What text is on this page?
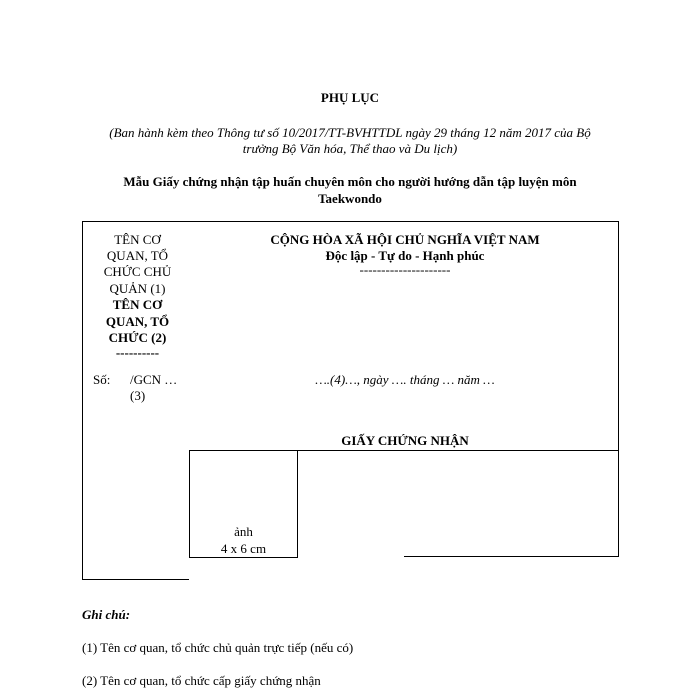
PHỤ LỤC
(Ban hành kèm theo Thông tư số 10/2017/TT-BVHTTDL ngày 29 tháng 12 năm 2017 của Bộ
trưởng Bộ Văn hóa, Thể thao và Du lịch)
Mẫu Giấy chứng nhận tập huấn chuyên môn cho người hướng dẫn tập luyện môn
Taekwondo
ảnh
4 x 6 cm
TÊN CƠ
QUAN, TỔ
CHỨC CHỦ
QUẢN (1)
TÊN CƠ
QUAN, TỔ
CHỨC (2)
----------
CỘNG HÒA XÃ HỘI CHỦ NGHĨA VIỆT NAM
Độc lập - Tự do - Hạnh phúc
---------------------
Số: /GCN …
(3)
….(4)…, ngày …. tháng … năm …
GIẤY CHỨNG NHẬN
Ghi chú:
(1) Tên cơ quan, tổ chức chủ quản trực tiếp (nếu có)
(2) Tên cơ quan, tổ chức cấp giấy chứng nhận
